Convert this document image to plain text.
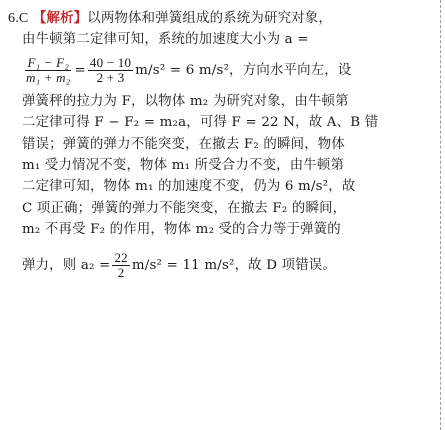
6.C 【解析】以两物体和弹簧组成的系统为研究对象，
由牛顿第二定律可知，系统的加速度大小为 a =
$\frac{\text{F₁ − F₂}}{\text{m₁ + m₂}} = \frac{40 - 10}{2 + 3} m/s^2 = 6$ m/s²，方向水平向左，设
弹簧秤的拉力为 F，以物体 m₂ 为研究对象，由牛顿第
二定律可得 F − F₂ = m₂a，可得 F = 22 N，故 A、B 错
错误；弹簧的弹力不能突变，在撤去 F₂ 的瞬间，物体
m₁ 受力情况不变，物体 m₁ 所受合力不变，由牛顿第
二定律可知，物体 m₁ 的加速度不变，仍为 6 m/s²，故
C 项正确；弹簧的弹力不能突变，在撤去 F₂ 的瞬间，
m₂ 不再受 F₂ 的作用，物体 m₂ 受的合力等于弹簧的
弹力，则 $a_2 = \frac{22}{2} m/s^2 = 11$ m/s²，故 D 项错误。
